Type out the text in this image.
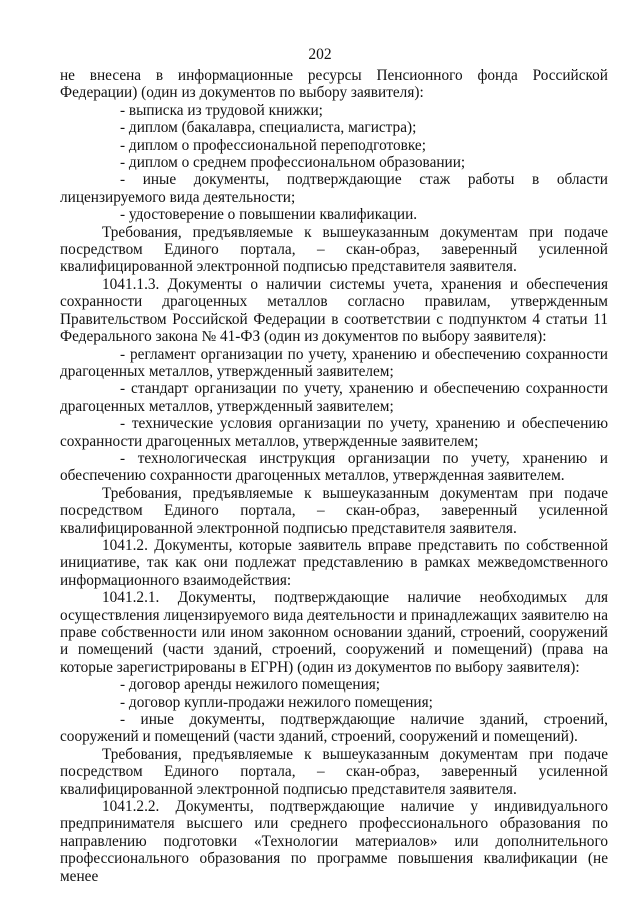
202

не внесена в информационные ресурсы Пенсионного фонда Российской Федерации) (один из документов по выбору заявителя):

- выписка из трудовой книжки;

- диплом (бакалавра, специалиста, магистра);

- диплом о профессиональной переподготовке;

- диплом о среднем профессиональном образовании;

- иные документы, подтверждающие стаж работы в области лицензируемого вида деятельности;

- удостоверение о повышении квалификации.

Требования, предъявляемые к вышеуказанным документам при подаче посредством Единого портала, – скан-образ, заверенный усиленной квалифицированной электронной подписью представителя заявителя.

1041.1.3. Документы о наличии системы учета, хранения и обеспечения сохранности драгоценных металлов согласно правилам, утвержденным Правительством Российской Федерации в соответствии с подпунктом 4 статьи 11 Федерального закона № 41-ФЗ (один из документов по выбору заявителя):

- регламент организации по учету, хранению и обеспечению сохранности драгоценных металлов, утвержденный заявителем;

- стандарт организации по учету, хранению и обеспечению сохранности драгоценных металлов, утвержденный заявителем;

- технические условия организации по учету, хранению и обеспечению сохранности драгоценных металлов, утвержденные заявителем;

- технологическая инструкция организации по учету, хранению и обеспечению сохранности драгоценных металлов, утвержденная заявителем.

Требования, предъявляемые к вышеуказанным документам при подаче посредством Единого портала, – скан-образ, заверенный усиленной квалифицированной электронной подписью представителя заявителя.

1041.2. Документы, которые заявитель вправе представить по собственной инициативе, так как они подлежат представлению в рамках межведомственного информационного взаимодействия:

1041.2.1. Документы, подтверждающие наличие необходимых для осуществления лицензируемого вида деятельности и принадлежащих заявителю на праве собственности или ином законном основании зданий, строений, сооружений и помещений (части зданий, строений, сооружений и помещений) (права на которые зарегистрированы в ЕГРН) (один из документов по выбору заявителя):

- договор аренды нежилого помещения;

- договор купли-продажи нежилого помещения;

- иные документы, подтверждающие наличие зданий, строений, сооружений и помещений (части зданий, строений, сооружений и помещений).

Требования, предъявляемые к вышеуказанным документам при подаче посредством Единого портала, – скан-образ, заверенный усиленной квалифицированной электронной подписью представителя заявителя.

1041.2.2. Документы, подтверждающие наличие у индивидуального предпринимателя высшего или среднего профессионального образования по направлению подготовки «Технологии материалов» или дополнительного профессионального образования по программе повышения квалификации (не менее
